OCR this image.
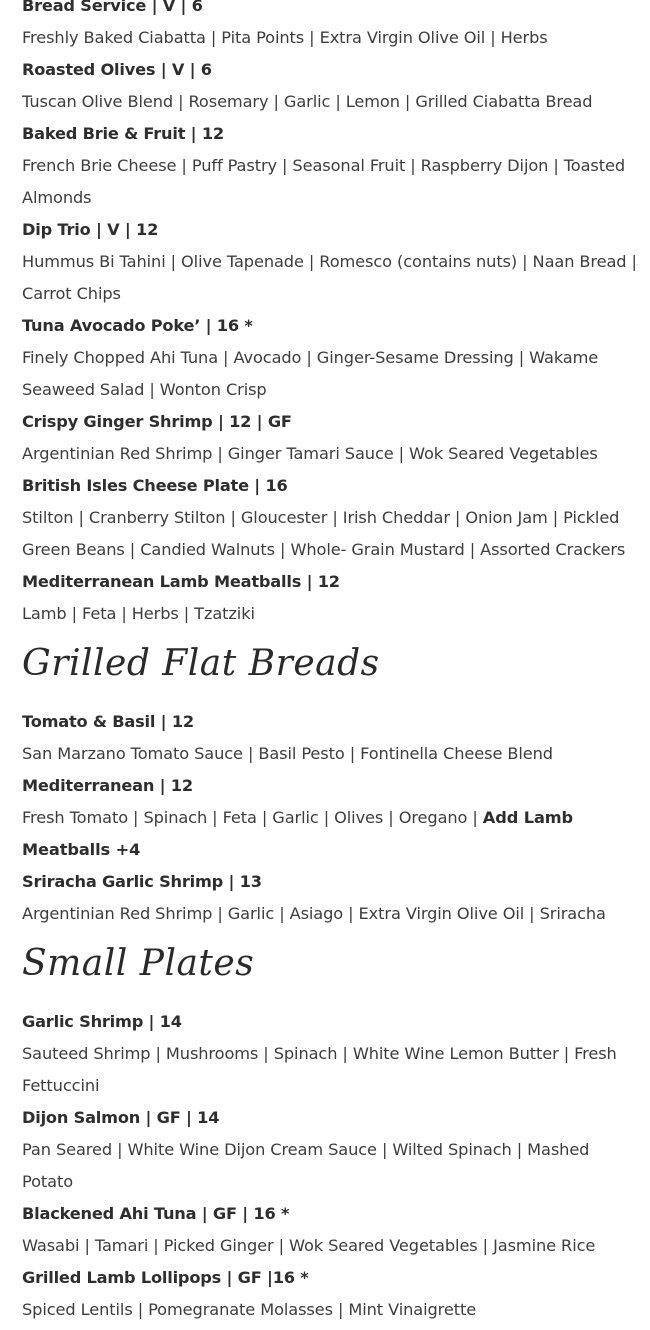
Bread Service | V | 6
Freshly Baked Ciabatta | Pita Points | Extra Virgin Olive Oil | Herbs
Roasted Olives | V | 6
Tuscan Olive Blend | Rosemary | Garlic | Lemon | Grilled Ciabatta Bread
Baked Brie & Fruit | 12
French Brie Cheese | Puff Pastry | Seasonal Fruit | Raspberry Dijon | Toasted
Almonds
Dip Trio | V | 12
Hummus Bi Tahini | Olive Tapenade | Romesco (contains nuts) | Naan Bread |
Carrot Chips
Tuna Avocado Poke’ | 16 *
Finely Chopped Ahi Tuna | Avocado | Ginger-Sesame Dressing | Wakame
Seaweed Salad | Wonton Crisp
Crispy Ginger Shrimp | 12 | GF
Argentinian Red Shrimp | Ginger Tamari Sauce | Wok Seared Vegetables
British Isles Cheese Plate | 16
Stilton | Cranberry Stilton | Gloucester | Irish Cheddar | Onion Jam | Pickled
Green Beans | Candied Walnuts | Whole- Grain Mustard | Assorted Crackers
Mediterranean Lamb Meatballs | 12
Lamb | Feta | Herbs | Tzatziki
Grilled Flat Breads
Tomato & Basil | 12
San Marzano Tomato Sauce | Basil Pesto | Fontinella Cheese Blend
Mediterranean | 12
Fresh Tomato | Spinach | Feta | Garlic | Olives | Oregano | Add Lamb
Meatballs +4
Sriracha Garlic Shrimp | 13
Argentinian Red Shrimp | Garlic | Asiago | Extra Virgin Olive Oil | Sriracha
Small Plates
Garlic Shrimp | 14
Sauteed Shrimp | Mushrooms | Spinach | White Wine Lemon Butter | Fresh
Fettuccini
Dijon Salmon | GF | 14
Pan Seared | White Wine Dijon Cream Sauce | Wilted Spinach | Mashed
Potato
Blackened Ahi Tuna | GF | 16 *
Wasabi | Tamari | Picked Ginger | Wok Seared Vegetables | Jasmine Rice
Grilled Lamb Lollipops | GF |16 *
Spiced Lentils | Pomegranate Molasses | Mint Vinaigrette
